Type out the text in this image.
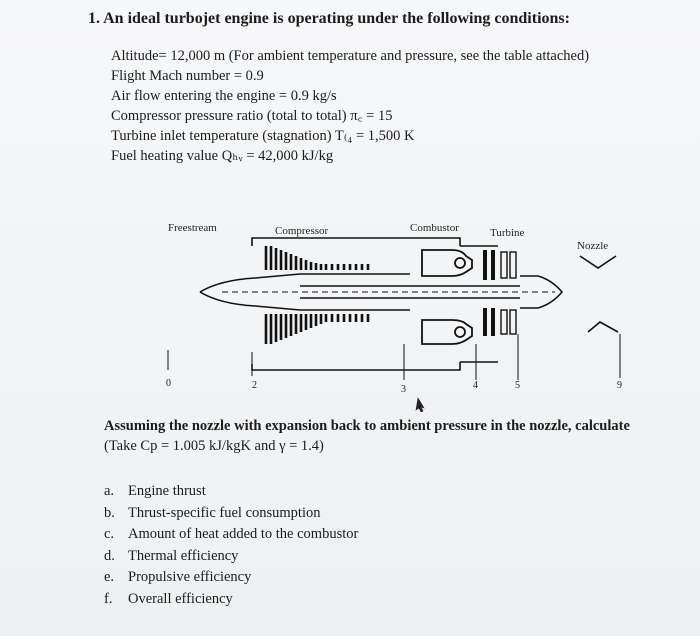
1. An ideal turbojet engine is operating under the following conditions:
Altitude= 12,000 m (For ambient temperature and pressure, see the table attached)
Flight Mach number = 0.9
Air flow entering the engine = 0.9 kg/s
Compressor pressure ratio (total to total) π꜀ = 15
Turbine inlet temperature (stagnation) T₍₄ = 1,500 K
Fuel heating value Qₕᵥ = 42,000 kJ/kg
Freestream	Compressor	Combustor	Turbine
Nozzle
0	2	3	4	5	9
Assuming the nozzle with expansion back to ambient pressure in the nozzle, calculate
(Take Cp = 1.005 kJ/kgK and γ = 1.4)
a. Engine thrust
b. Thrust-specific fuel consumption
c. Amount of heat added to the combustor
d. Thermal efficiency
e. Propulsive efficiency
f. Overall efficiency
